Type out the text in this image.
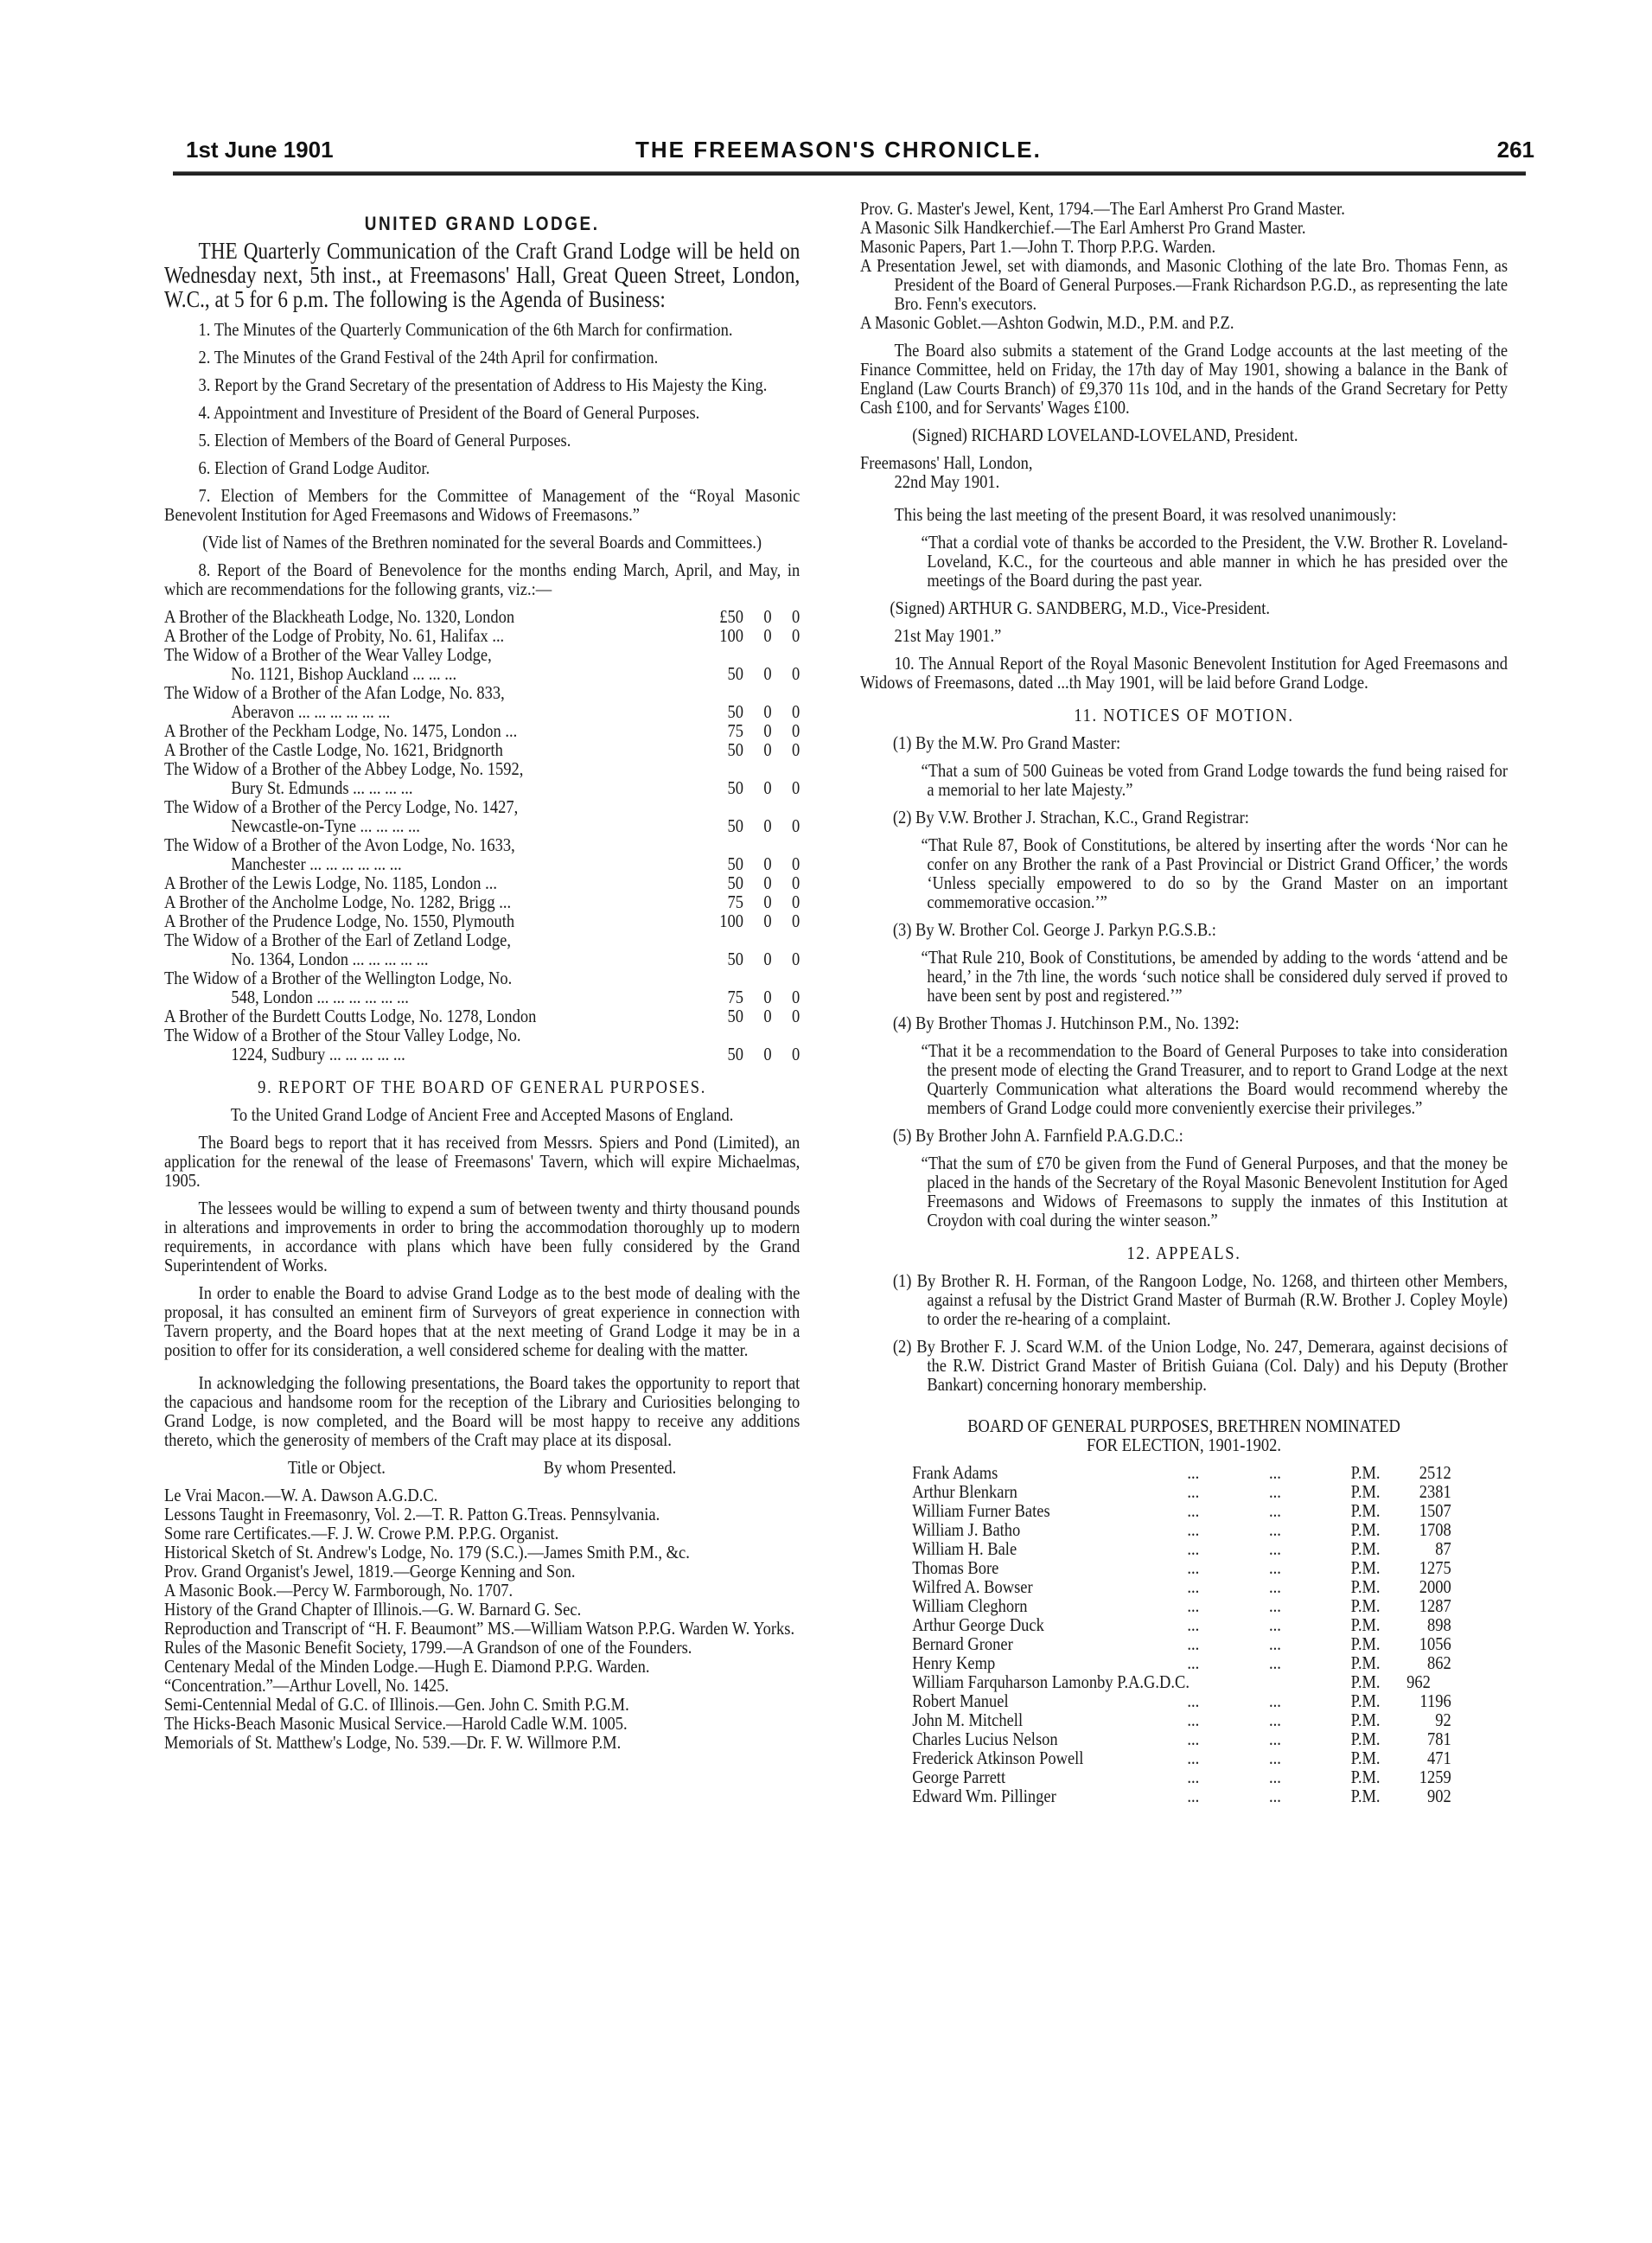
1st June 1901	THE FREEMASON'S CHRONICLE.	261
UNITED GRAND LODGE.

THE Quarterly Communication of the Craft Grand Lodge will be held on Wednesday next, 5th inst., at Freemasons' Hall, Great Queen Street, London, W.C., at 5 for 6 p.m. The following is the Agenda of Business:

1. The Minutes of the Quarterly Communication of the 6th March for confirmation.

2. The Minutes of the Grand Festival of the 24th April for confirmation.

3. Report by the Grand Secretary of the presentation of Address to His Majesty the King.

4. Appointment and Investiture of President of the Board of General Purposes.

5. Election of Members of the Board of General Purposes.

6. Election of Grand Lodge Auditor.

7. Election of Members for the Committee of Management of the “Royal Masonic Benevolent Institution for Aged Freemasons and Widows of Freemasons.”

(Vide list of Names of the Brethren nominated for the several Boards and Committees.)

8. Report of the Board of Benevolence for the months ending March, April, and May, in which are recommendations for the following grants, viz.:—

A Brother of the Blackheath Lodge, No. 1320, London	£50 0 0
A Brother of the Lodge of Probity, No. 61, Halifax ...	100 0 0
The Widow of a Brother of the Wear Valley Lodge,
No. 1121, Bishop Auckland ... ... ...	50 0 0
The Widow of a Brother of the Afan Lodge, No. 833,
Aberavon ... ... ... ... ... ...	50 0 0
A Brother of the Peckham Lodge, No. 1475, London ...	75 0 0
A Brother of the Castle Lodge, No. 1621, Bridgnorth	50 0 0
The Widow of a Brother of the Abbey Lodge, No. 1592,
Bury St. Edmunds ... ... ... ...	50 0 0
The Widow of a Brother of the Percy Lodge, No. 1427,
Newcastle-on-Tyne ... ... ... ...	50 0 0
The Widow of a Brother of the Avon Lodge, No. 1633,
Manchester ... ... ... ... ... ...	50 0 0
A Brother of the Lewis Lodge, No. 1185, London ...	50 0 0
A Brother of the Ancholme Lodge, No. 1282, Brigg ...	75 0 0
A Brother of the Prudence Lodge, No. 1550, Plymouth	100 0 0
The Widow of a Brother of the Earl of Zetland Lodge,
No. 1364, London ... ... ... ... ...	50 0 0
The Widow of a Brother of the Wellington Lodge, No.
548, London ... ... ... ... ... ...	75 0 0
A Brother of the Burdett Coutts Lodge, No. 1278, London	50 0 0
The Widow of a Brother of the Stour Valley Lodge, No.
1224, Sudbury ... ... ... ... ...	50 0 0

9. REPORT OF THE BOARD OF GENERAL PURPOSES.

To the United Grand Lodge of Ancient Free and Accepted Masons of England.

The Board begs to report that it has received from Messrs. Spiers and Pond (Limited), an application for the renewal of the lease of Freemasons' Tavern, which will expire Michaelmas, 1905.

The lessees would be willing to expend a sum of between twenty and thirty thousand pounds in alterations and improvements in order to bring the accommodation thoroughly up to modern requirements, in accordance with plans which have been fully considered by the Grand Superintendent of Works.

In order to enable the Board to advise Grand Lodge as to the best mode of dealing with the proposal, it has consulted an eminent firm of Surveyors of great experience in connection with Tavern property, and the Board hopes that at the next meeting of Grand Lodge it may be in a position to offer for its consideration, a well considered scheme for dealing with the matter.

In acknowledging the following presentations, the Board takes the opportunity to report that the capacious and handsome room for the reception of the Library and Curiosities belonging to Grand Lodge, is now completed, and the Board will be most happy to receive any additions thereto, which the generosity of members of the Craft may place at its disposal.

Title or Object.	By whom Presented.

Le Vrai Macon.—W. A. Dawson A.G.D.C.

Lessons Taught in Freemasonry, Vol. 2.—T. R. Patton G.Treas. Pennsylvania.

Some rare Certificates.—F. J. W. Crowe P.M. P.P.G. Organist.

Historical Sketch of St. Andrew's Lodge, No. 179 (S.C.).—James Smith P.M., &c.

Prov. Grand Organist's Jewel, 1819.—George Kenning and Son.

A Masonic Book.—Percy W. Farmborough, No. 1707.

History of the Grand Chapter of Illinois.—G. W. Barnard G. Sec.

Reproduction and Transcript of “H. F. Beaumont” MS.—William Watson P.P.G. Warden W. Yorks.

Rules of the Masonic Benefit Society, 1799.—A Grandson of one of the Founders.

Centenary Medal of the Minden Lodge.—Hugh E. Diamond P.P.G. Warden.

“Concentration.”—Arthur Lovell, No. 1425.

Semi-Centennial Medal of G.C. of Illinois.—Gen. John C. Smith P.G.M.

The Hicks-Beach Masonic Musical Service.—Harold Cadle W.M. 1005.

Memorials of St. Matthew's Lodge, No. 539.—Dr. F. W. Willmore P.M.

Prov. G. Master's Jewel, Kent, 1794.—The Earl Amherst Pro Grand Master.

A Masonic Silk Handkerchief.—The Earl Amherst Pro Grand Master.

Masonic Papers, Part 1.—John T. Thorp P.P.G. Warden.

A Presentation Jewel, set with diamonds, and Masonic Clothing of the late Bro. Thomas Fenn, as President of the Board of General Purposes.—Frank Richardson P.G.D., as representing the late Bro. Fenn's executors.

A Masonic Goblet.—Ashton Godwin, M.D., P.M. and P.Z.

The Board also submits a statement of the Grand Lodge accounts at the last meeting of the Finance Committee, held on Friday, the 17th day of May 1901, showing a balance in the Bank of England (Law Courts Branch) of £9,370 11s 10d, and in the hands of the Grand Secretary for Petty Cash £100, and for Servants' Wages £100.

(Signed) RICHARD LOVELAND-LOVELAND, President.

Freemasons' Hall, London,

22nd May 1901.

This being the last meeting of the present Board, it was resolved unanimously:

“That a cordial vote of thanks be accorded to the President, the V.W. Brother R. Loveland-Loveland, K.C., for the courteous and able manner in which he has presided over the meetings of the Board during the past year.

(Signed) ARTHUR G. SANDBERG, M.D., Vice-President.

21st May 1901.”

10. The Annual Report of the Royal Masonic Benevolent Institution for Aged Freemasons and Widows of Freemasons, dated ...th May 1901, will be laid before Grand Lodge.

11. NOTICES OF MOTION.

(1) By the M.W. Pro Grand Master:

“That a sum of 500 Guineas be voted from Grand Lodge towards the fund being raised for a memorial to her late Majesty.”

(2) By V.W. Brother J. Strachan, K.C., Grand Registrar:

“That Rule 87, Book of Constitutions, be altered by inserting after the words ‘Nor can he confer on any Brother the rank of a Past Provincial or District Grand Officer,’ the words ‘Unless specially empowered to do so by the Grand Master on an important commemorative occasion.’”

(3) By W. Brother Col. George J. Parkyn P.G.S.B.:

“That Rule 210, Book of Constitutions, be amended by adding to the words ‘attend and be heard,’ in the 7th line, the words ‘such notice shall be considered duly served if proved to have been sent by post and registered.’”

(4) By Brother Thomas J. Hutchinson P.M., No. 1392:

“That it be a recommendation to the Board of General Purposes to take into consideration the present mode of electing the Grand Treasurer, and to report to Grand Lodge at the next Quarterly Communication what alterations the Board would recommend whereby the members of Grand Lodge could more conveniently exercise their privileges.”

(5) By Brother John A. Farnfield P.A.G.D.C.:

“That the sum of £70 be given from the Fund of General Purposes, and that the money be placed in the hands of the Secretary of the Royal Masonic Benevolent Institution for Aged Freemasons and Widows of Freemasons to supply the inmates of this Institution at Croydon with coal during the winter season.”

12. APPEALS.

(1) By Brother R. H. Forman, of the Rangoon Lodge, No. 1268, and thirteen other Members, against a refusal by the District Grand Master of Burmah (R.W. Brother J. Copley Moyle) to order the re-hearing of a complaint.

(2) By Brother F. J. Scard W.M. of the Union Lodge, No. 247, Demerara, against decisions of the R.W. District Grand Master of British Guiana (Col. Daly) and his Deputy (Brother Bankart) concerning honorary membership.

BOARD OF GENERAL PURPOSES, BRETHREN NOMINATED

FOR ELECTION, 1901-1902.

Frank Adams	...	...	P.M.	2512
Arthur Blenkarn	...	...	P.M.	2381
William Furner Bates	...	...	P.M.	1507
William J. Batho	...	...	P.M.	1708
William H. Bale	...	...	P.M.	87
Thomas Bore	...	...	P.M.	1275
Wilfred A. Bowser	...	...	P.M.	2000
William Cleghorn	...	...	P.M.	1287
Arthur George Duck	...	...	P.M.	898
Bernard Groner	...	...	P.M.	1056
Henry Kemp	...	...	P.M.	862
William Farquharson Lamonby P.A.G.D.C.	P.M.	962
Robert Manuel	...	...	P.M.	1196
John M. Mitchell	...	...	P.M.	92
Charles Lucius Nelson	...	...	P.M.	781
Frederick Atkinson Powell	...	...	P.M.	471
George Parrett	...	...	P.M.	1259
Edward Wm. Pillinger	...	...	P.M.	902
